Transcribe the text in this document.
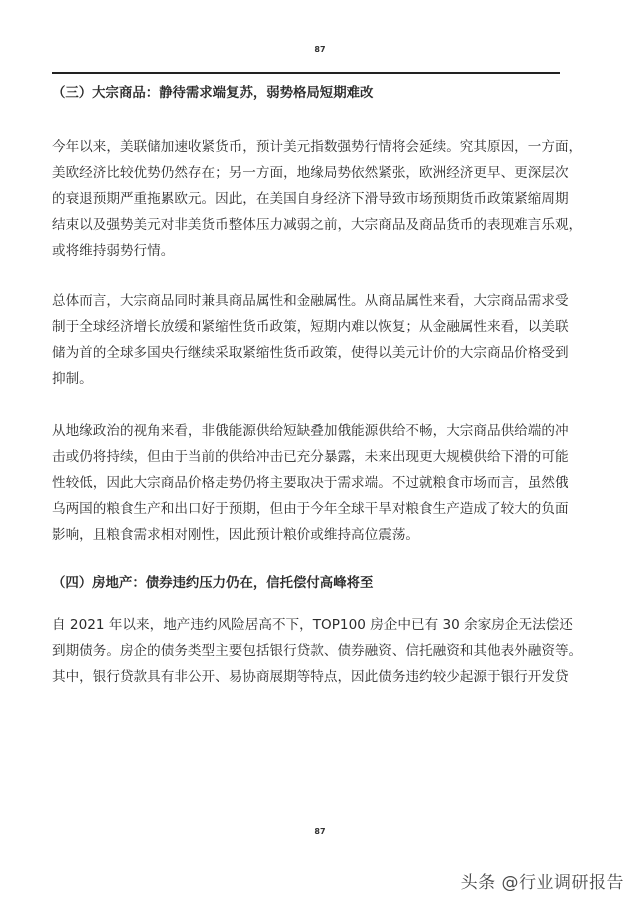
87
（三）大宗商品：静待需求端复苏，弱势格局短期难改

今年以来，美联储加速收紧货币，预计美元指数强势行情将会延续。究其原因，一方面，
美欧经济比较优势仍然存在；另一方面，地缘局势依然紧张，欧洲经济更早、更深层次
的衰退预期严重拖累欧元。因此，在美国自身经济下滑导致市场预期货币政策紧缩周期
结束以及强势美元对非美货币整体压力减弱之前，大宗商品及商品货币的表现难言乐观，
或将维持弱势行情。

总体而言，大宗商品同时兼具商品属性和金融属性。从商品属性来看，大宗商品需求受
制于全球经济增长放缓和紧缩性货币政策，短期内难以恢复；从金融属性来看，以美联
储为首的全球多国央行继续采取紧缩性货币政策，使得以美元计价的大宗商品价格受到
抑制。

从地缘政治的视角来看，非俄能源供给短缺叠加俄能源供给不畅，大宗商品供给端的冲
击或仍将持续，但由于当前的供给冲击已充分暴露，未来出现更大规模供给下滑的可能
性较低，因此大宗商品价格走势仍将主要取决于需求端。不过就粮食市场而言，虽然俄
乌两国的粮食生产和出口好于预期，但由于今年全球干旱对粮食生产造成了较大的负面
影响，且粮食需求相对刚性，因此预计粮价或维持高位震荡。

（四）房地产：债券违约压力仍在，信托偿付高峰将至

自 2021 年以来，地产违约风险居高不下，TOP100 房企中已有 30 余家房企无法偿还
到期债务。房企的债务类型主要包括银行贷款、债券融资、信托融资和其他表外融资等。
其中，银行贷款具有非公开、易协商展期等特点，因此债务违约较少起源于银行开发贷

87
头条 @行业调研报告
